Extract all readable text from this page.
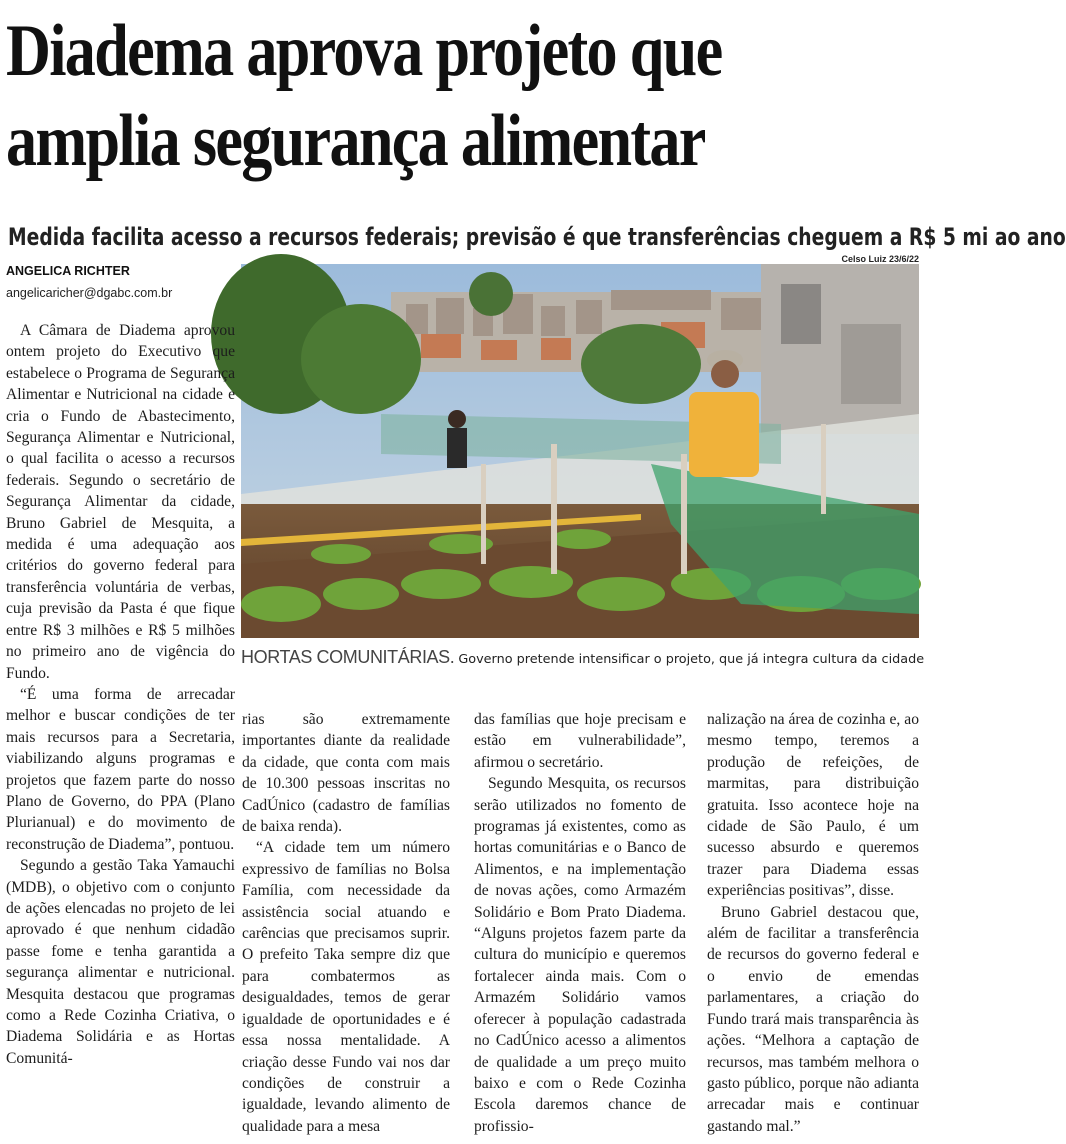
Diadema aprova projeto que
amplia segurança alimentar
Medida facilita acesso a recursos federais; previsão é que transferências cheguem a R$ 5 mi ao ano
ANGELICA RICHTER
angelicaricher@dgabc.com.br
Celso Luiz 23/6/22
HORTAS COMUNITÁRIAS. Governo pretende intensificar o projeto, que já integra cultura da cidade

A Câmara de Diadema aprovou ontem projeto do Executivo que estabelece o Programa de Segurança Alimentar e Nutricional na cidade e cria o Fundo de Abastecimento, Segurança Alimentar e Nutricional, o qual facilita o acesso a recursos federais. Segundo o secretário de Segurança Alimentar da cidade, Bruno Gabriel de Mesquita, a medida é uma adequação aos critérios do governo federal para transferência voluntária de verbas, cuja previsão da Pasta é que fique entre R$ 3 milhões e R$ 5 milhões no primeiro ano de vigência do Fundo.

“É uma forma de arrecadar melhor e buscar condições de ter mais recursos para a Secretaria, viabilizando alguns programas e projetos que fazem parte do nosso Plano de Governo, do PPA (Plano Plurianual) e do movimento de reconstrução de Diadema”, pontuou.

Segundo a gestão Taka Yamauchi (MDB), o objetivo com o conjunto de ações elencadas no projeto de lei aprovado é que nenhum cidadão passe fome e tenha garantida a segurança alimentar e nutricional. Mesquita destacou que programas como a Rede Cozinha Criativa, o Diadema Solidária e as Hortas Comunitá-

rias são extremamente importantes diante da realidade da cidade, que conta com mais de 10.300 pessoas inscritas no CadÚnico (cadastro de famílias de baixa renda).

“A cidade tem um número expressivo de famílias no Bolsa Família, com necessidade da assistência social atuando e carências que precisamos suprir. O prefeito Taka sempre diz que para combatermos as desigualdades, temos de gerar igualdade de oportunidades e é essa nossa mentalidade. A criação desse Fundo vai nos dar condições de construir a igualdade, levando alimento de qualidade para a mesa

das famílias que hoje precisam e estão em vulnerabilidade”, afirmou o secretário.

Segundo Mesquita, os recursos serão utilizados no fomento de programas já existentes, como as hortas comunitárias e o Banco de Alimentos, e na implementação de novas ações, como Armazém Solidário e Bom Prato Diadema. “Alguns projetos fazem parte da cultura do município e queremos fortalecer ainda mais. Com o Armazém Solidário vamos oferecer à população cadastrada no CadÚnico acesso a alimentos de qualidade a um preço muito baixo e com o Rede Cozinha Escola daremos chance de profissio-

nalização na área de cozinha e, ao mesmo tempo, teremos a produção de refeições, de marmitas, para distribuição gratuita. Isso acontece hoje na cidade de São Paulo, é um sucesso absurdo e queremos trazer para Diadema essas experiências positivas”, disse.

Bruno Gabriel destacou que, além de facilitar a transferência de recursos do governo federal e o envio de emendas parlamentares, a criação do Fundo trará mais transparência às ações. “Melhora a captação de recursos, mas também melhora o gasto público, porque não adianta arrecadar mais e continuar gastando mal.”
